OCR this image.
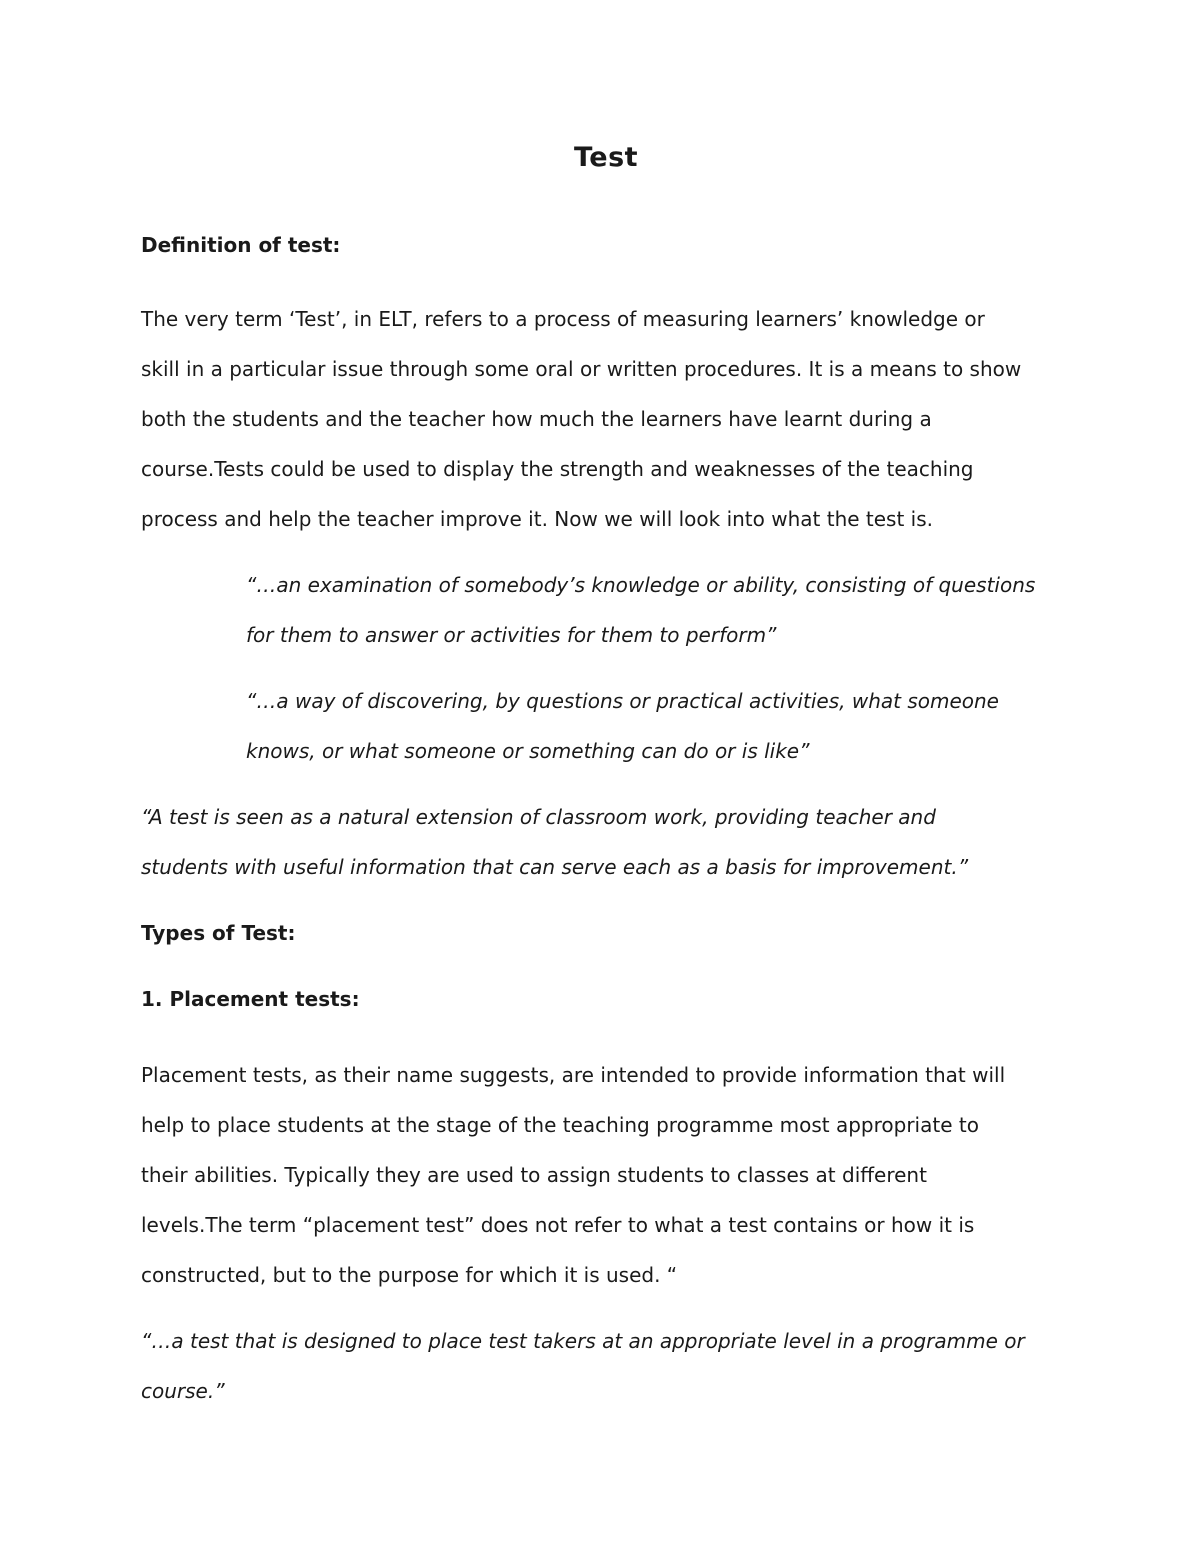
Test
Definition of test:
The very term ‘Test’, in ELT, refers to a process of measuring learners’ knowledge or
skill in a particular issue through some oral or written procedures. It is a means to show
both the students and the teacher how much the learners have learnt during a
course.Tests could be used to display the strength and weaknesses of the teaching
process and help the teacher improve it. Now we will look into what the test is.
“…an examination of somebody’s knowledge or ability, consisting of questions
for them to answer or activities for them to perform”
“…a way of discovering, by questions or practical activities, what someone
knows, or what someone or something can do or is like”
“A test is seen as a natural extension of classroom work, providing teacher and
students with useful information that can serve each as a basis for improvement.”
Types of Test:
1. Placement tests:
Placement tests, as their name suggests, are intended to provide information that will
help to place students at the stage of the teaching programme most appropriate to
their abilities. Typically they are used to assign students to classes at different
levels.The term “placement test” does not refer to what a test contains or how it is
constructed, but to the purpose for which it is used. “
“…a test that is designed to place test takers at an appropriate level in a programme or
course.”
